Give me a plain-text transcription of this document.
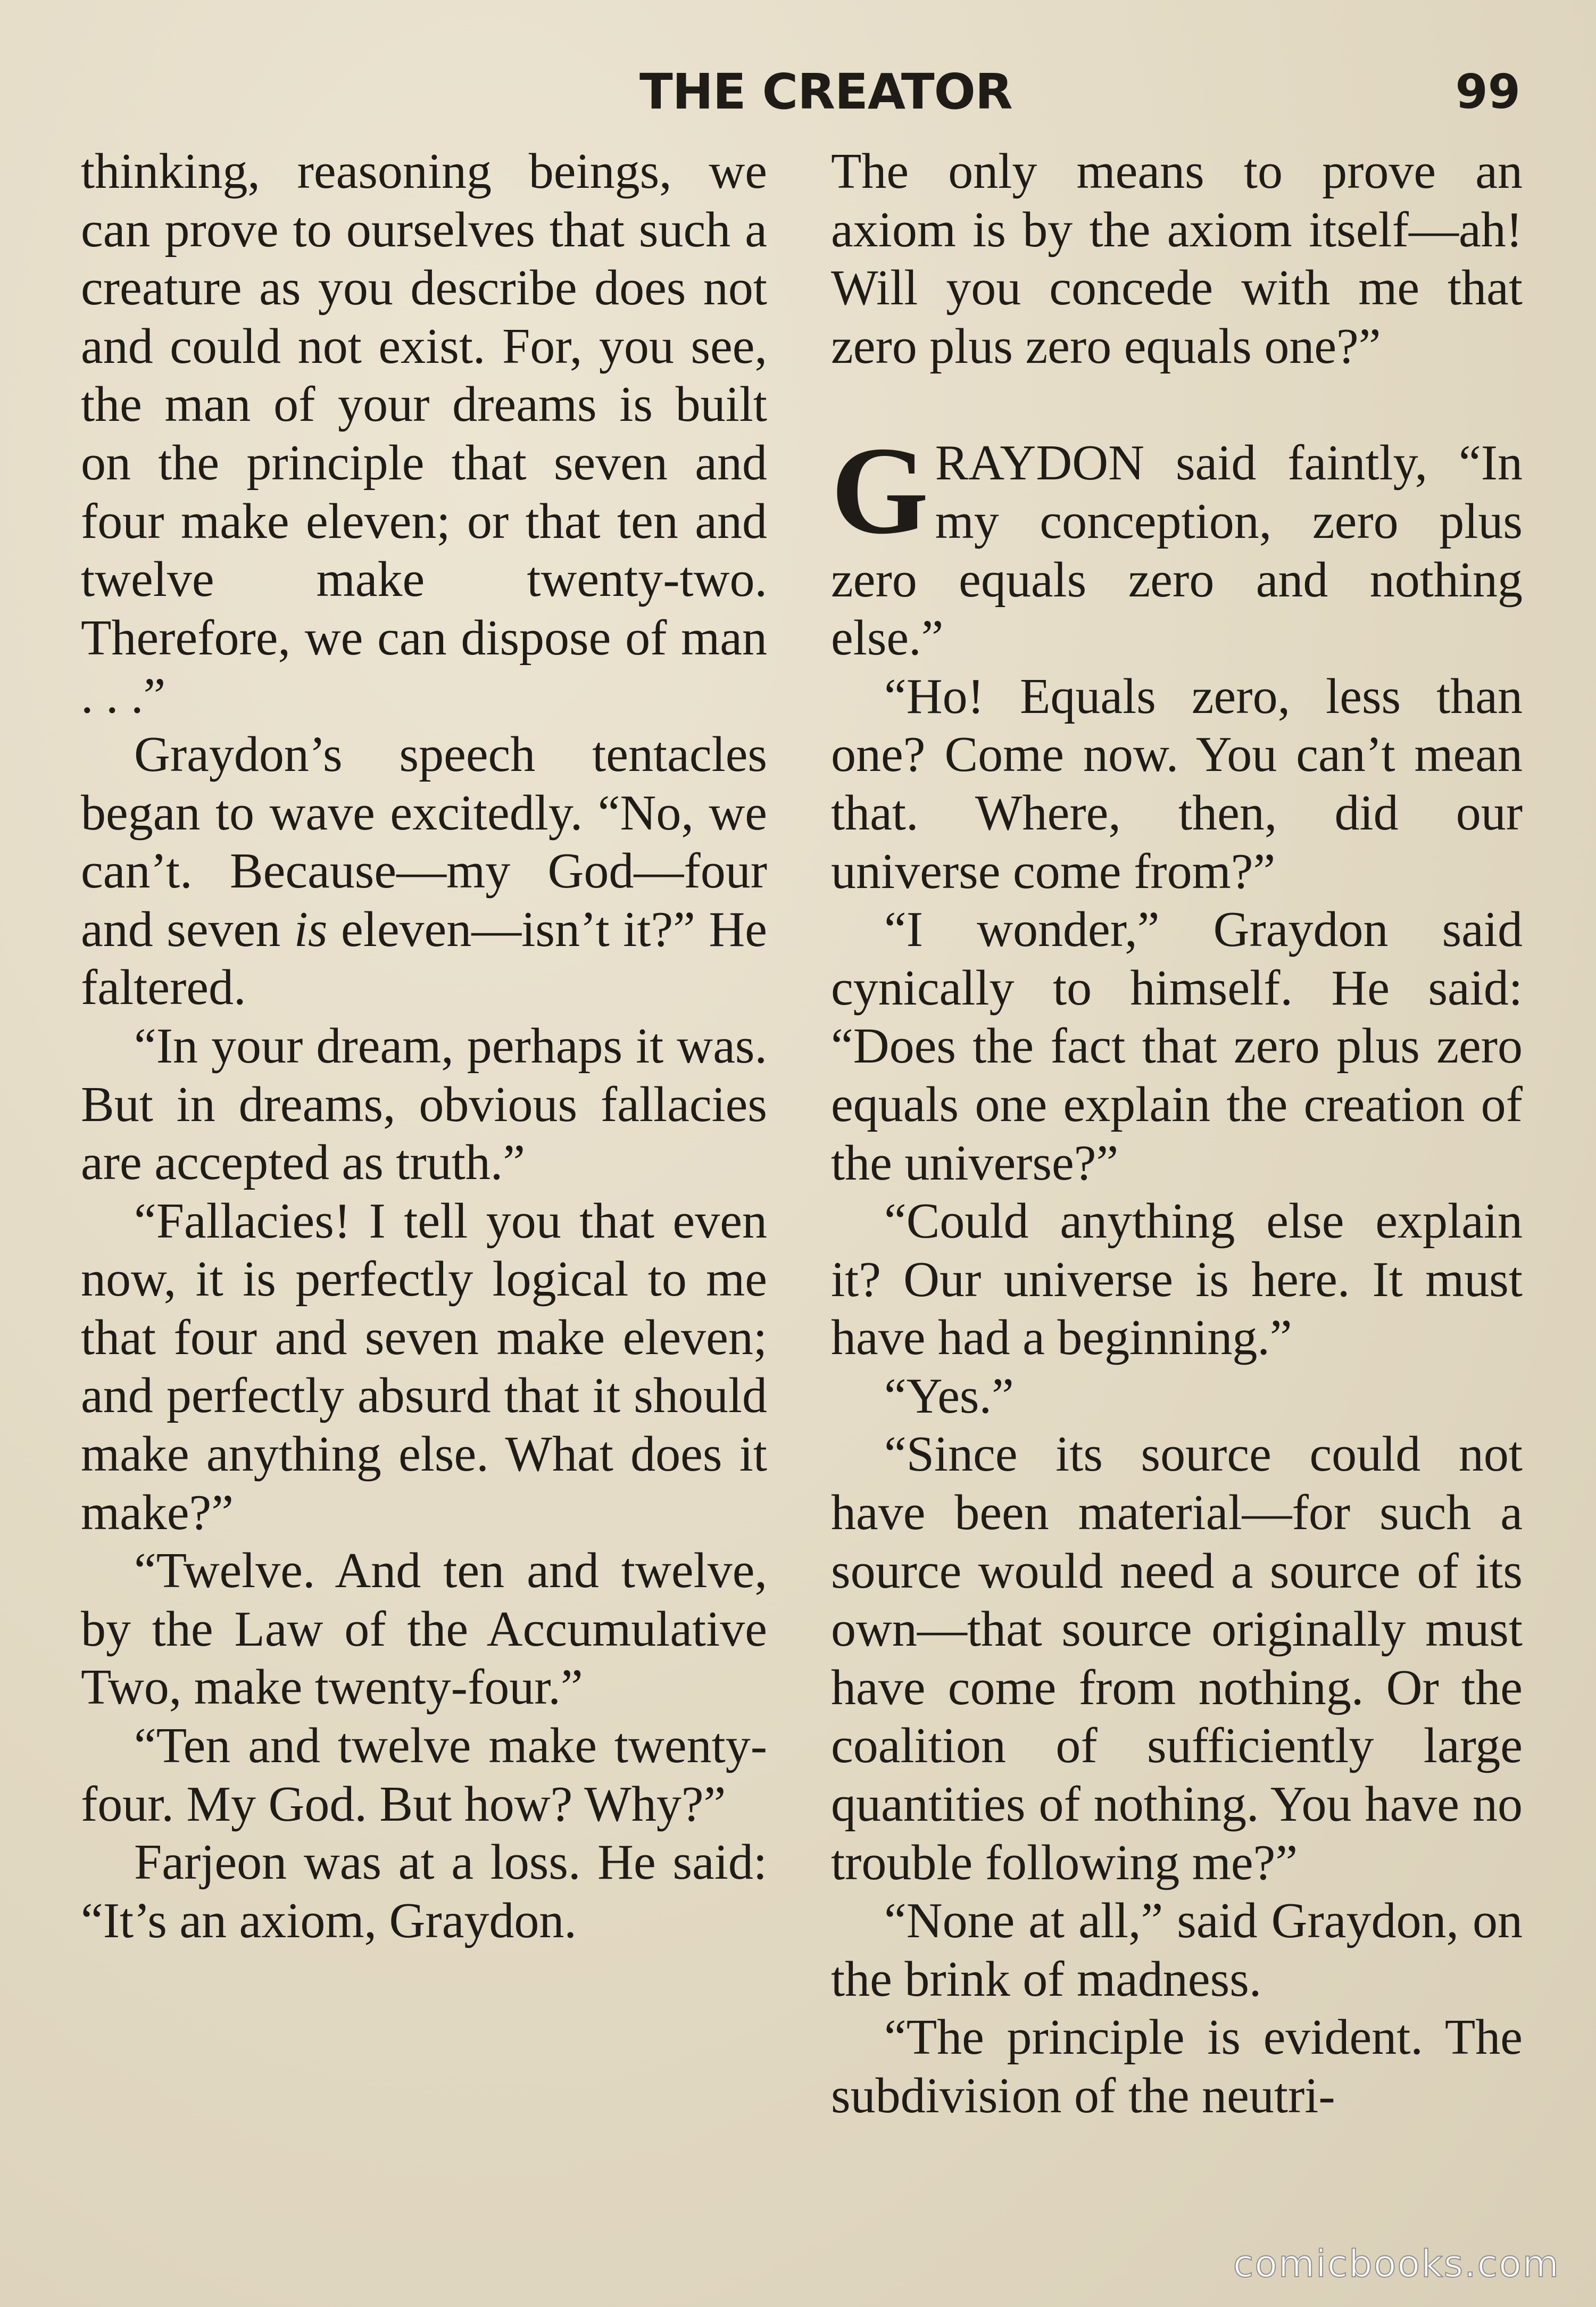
THE CREATOR	99

thinking, reasoning beings, we can prove to ourselves that such a creature as you describe does not and could not exist. For, you see, the man of your dreams is built on the principle that seven and four make eleven; or that ten and twelve make twenty-two. Therefore, we can dispose of man . . .”

Graydon’s speech tentacles began to wave excitedly. “No, we can’t. Because—my God—four and seven is eleven—isn’t it?” He faltered.

“In your dream, perhaps it was. But in dreams, obvious fallacies are accepted as truth.”

“Fallacies! I tell you that even now, it is perfectly logical to me that four and seven make eleven; and perfectly absurd that it should make anything else. What does it make?”

“Twelve. And ten and twelve, by the Law of the Accumulative Two, make twenty-four.”

“Ten and twelve make twenty-four. My God. But how? Why?”

Farjeon was at a loss. He said: “It’s an axiom, Graydon.

The only means to prove an axiom is by the axiom itself—ah! Will you concede with me that zero plus zero equals one?”

GRAYDON said faintly, “In my conception, zero plus zero equals zero and nothing else.”

“Ho! Equals zero, less than one? Come now. You can’t mean that. Where, then, did our universe come from?”

“I wonder,” Graydon said cynically to himself. He said: “Does the fact that zero plus zero equals one explain the creation of the universe?”

“Could anything else explain it? Our universe is here. It must have had a beginning.”

“Yes.”

“Since its source could not have been material—for such a source would need a source of its own—that source originally must have come from nothing. Or the coalition of sufficiently large quantities of nothing. You have no trouble following me?”

“None at all,” said Graydon, on the brink of madness.

“The principle is evident. The subdivision of the neutri-

comicbooks.com
